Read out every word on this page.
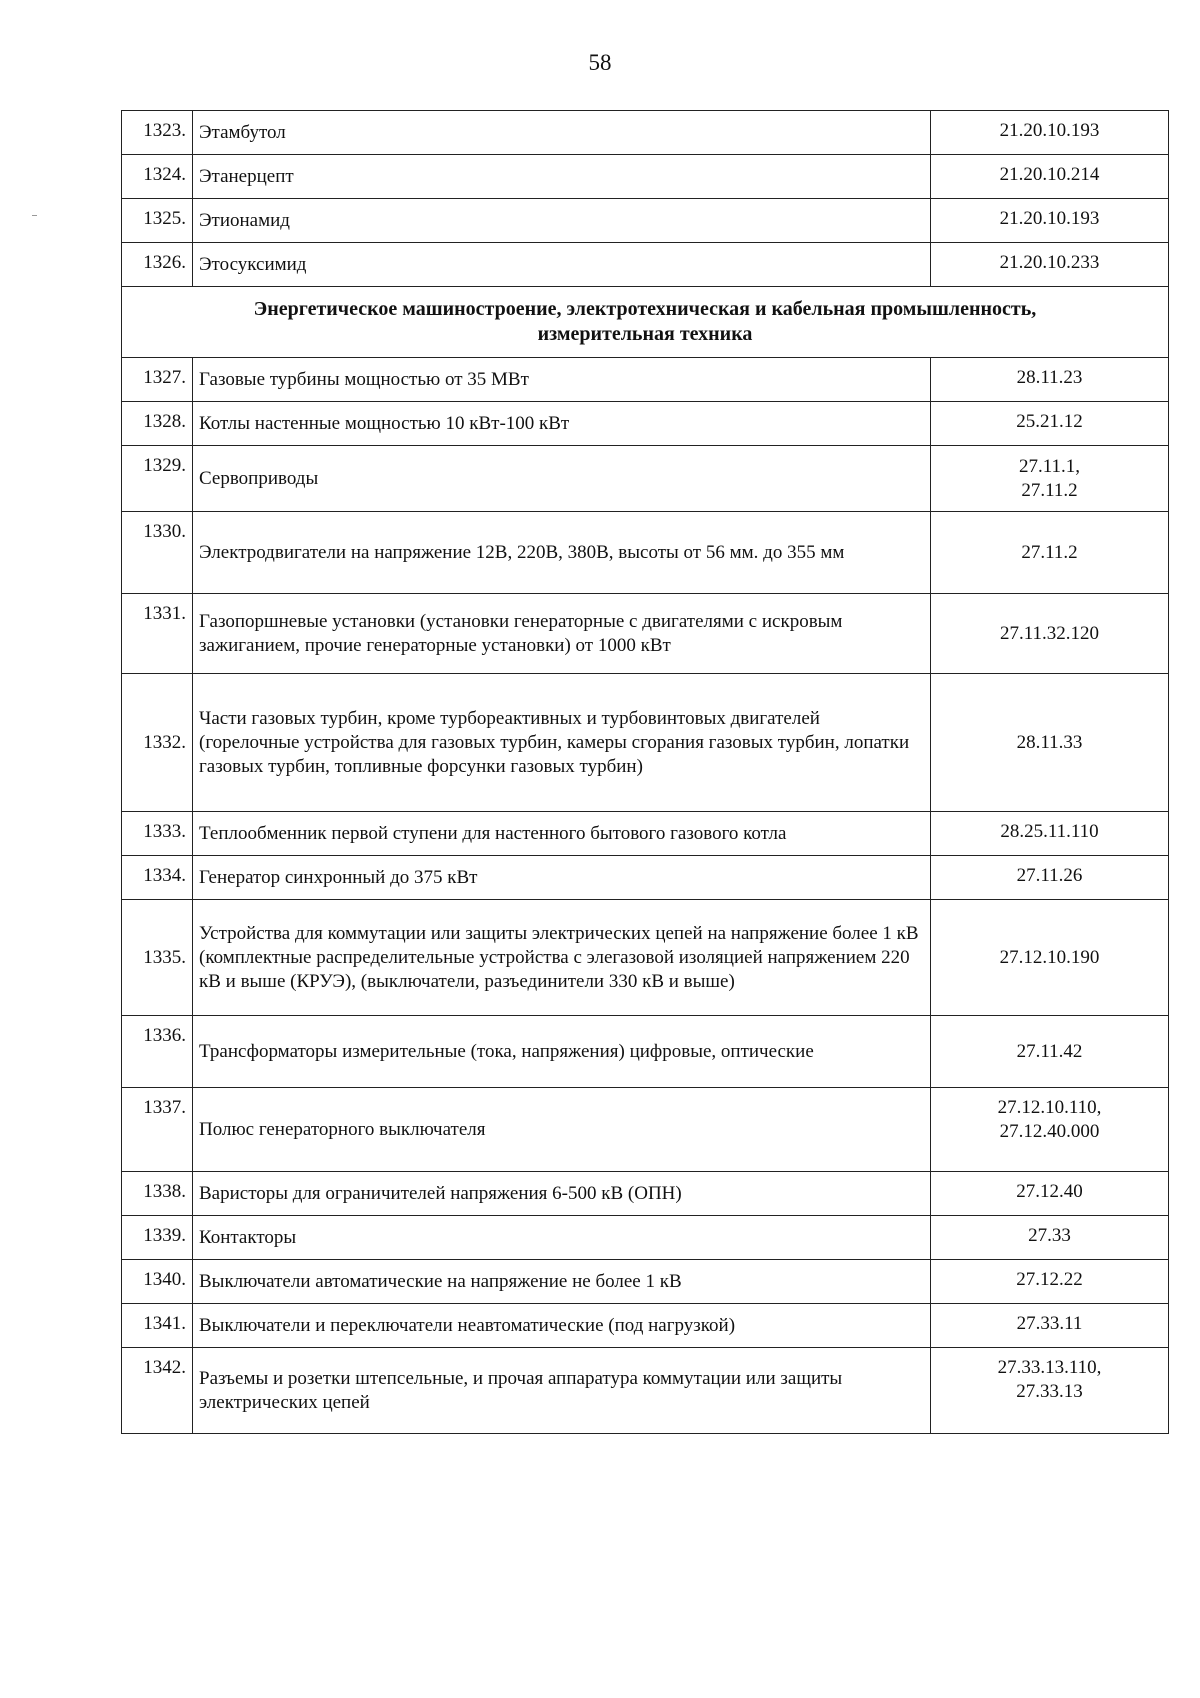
58
1323.	Этамбутол	21.20.10.193

1324.	Этанерцепт	21.20.10.214

1325.	Этионамид	21.20.10.193

1326.	Этосуксимид	21.20.10.233

Энергетическое машиностроение, электротехническая и кабельная промышленность,
измерительная техника		

1327.	Газовые турбины мощностью от 35 МВт	28.11.23

1328.	Котлы настенные мощностью 10 кВт-100 кВт	25.21.12

1329.	Сервоприводы	27.11.1,
27.11.2

1330.	Электродвигатели на напряжение 12В, 220В, 380В, высоты от 56 мм. до 355 мм	27.11.2

1331.	Газопоршневые установки (установки генераторные с двигателями с искровым зажиганием, прочие генераторные установки) от 1000 кВт	27.11.32.120

1332.	Части газовых турбин, кроме турбореактивных и турбовинтовых двигателей (горелочные устройства для газовых турбин, камеры сгорания газовых турбин, лопатки газовых турбин, топливные форсунки газовых турбин)	28.11.33

1333.	Теплообменник первой ступени для настенного бытового газового котла	28.25.11.110

1334.	Генератор синхронный до 375 кВт	27.11.26

1335.	Устройства для коммутации или защиты электрических цепей на напряжение более 1 кВ (комплектные распределительные устройства с элегазовой изоляцией напряжением 220 кВ и выше (КРУЭ), (выключатели, разъединители 330 кВ и выше)	27.12.10.190

1336.	Трансформаторы измерительные (тока, напряжения) цифровые, оптические	27.11.42

1337.	Полюс генераторного выключателя	27.12.10.110,
27.12.40.000

1338.	Варисторы для ограничителей напряжения 6-500 кВ (ОПН)	27.12.40

1339.	Контакторы	27.33

1340.	Выключатели автоматические на напряжение не более 1 кВ	27.12.22

1341.	Выключатели и переключатели неавтоматические (под нагрузкой)	27.33.11

1342.	Разъемы и розетки штепсельные, и прочая аппаратура коммутации или защиты электрических цепей	27.33.13.110,
27.33.13
